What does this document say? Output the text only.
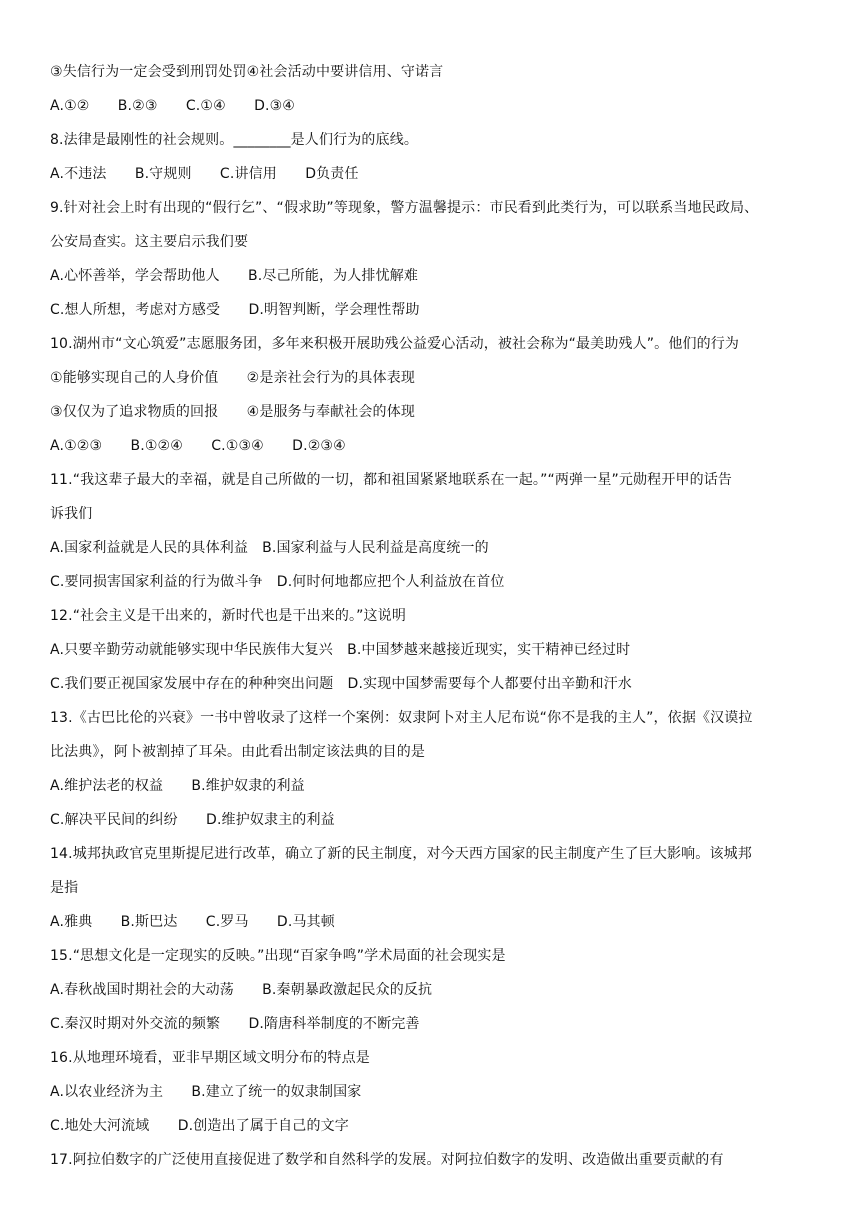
③失信行为一定会受到刑罚处罚④社会活动中要讲信用、守诺言
A.①②　　B.②③　　C.①④　　D.③④
8.法律是最刚性的社会规则。________是人们行为的底线。
A.不违法　　B.守规则　　C.讲信用　　D负责任
9.针对社会上时有出现的“假行乞”、“假求助”等现象，警方温馨提示：市民看到此类行为，可以联系当地民政局、
公安局查实。这主要启示我们要
A.心怀善举，学会帮助他人　　B.尽己所能，为人排忧解难
C.想人所想，考虑对方感受　　D.明智判断，学会理性帮助
10.湖州市“文心筑爱”志愿服务团，多年来积极开展助残公益爱心活动，被社会称为“最美助残人”。他们的行为
①能够实现自己的人身价值　　②是亲社会行为的具体表现
③仅仅为了追求物质的回报　　④是服务与奉献社会的体现
A.①②③　　B.①②④　　C.①③④　　D.②③④
11.“我这辈子最大的幸福，就是自己所做的一切，都和祖国紧紧地联系在一起。”“两弹一星”元勋程开甲的话告
诉我们
A.国家利益就是人民的具体利益　B.国家利益与人民利益是高度统一的
C.要同损害国家利益的行为做斗争　D.何时何地都应把个人利益放在首位
12.“社会主义是干出来的，新时代也是干出来的。”这说明
A.只要辛勤劳动就能够实现中华民族伟大复兴　B.中国梦越来越接近现实，实干精神已经过时
C.我们要正视国家发展中存在的种种突出问题　D.实现中国梦需要每个人都要付出辛勤和汗水
13.《古巴比伦的兴衰》一书中曾收录了这样一个案例：奴隶阿卜对主人尼布说“你不是我的主人”，依据《汉谟拉
比法典》，阿卜被割掉了耳朵。由此看出制定该法典的目的是
A.维护法老的权益　　B.维护奴隶的利益
C.解决平民间的纠纷　　D.维护奴隶主的利益
14.城邦执政官克里斯提尼进行改革，确立了新的民主制度，对今天西方国家的民主制度产生了巨大影响。该城邦
是指
A.雅典　　B.斯巴达　　C.罗马　　D.马其顿
15.“思想文化是一定现实的反映。”出现“百家争鸣”学术局面的社会现实是
A.春秋战国时期社会的大动荡　　B.秦朝暴政激起民众的反抗
C.秦汉时期对外交流的频繁　　D.隋唐科举制度的不断完善
16.从地理环境看，亚非早期区域文明分布的特点是
A.以农业经济为主　　B.建立了统一的奴隶制国家
C.地处大河流域　　D.创造出了属于自己的文字
17.阿拉伯数字的广泛使用直接促进了数学和自然科学的发展。对阿拉伯数字的发明、改造做出重要贡献的有
